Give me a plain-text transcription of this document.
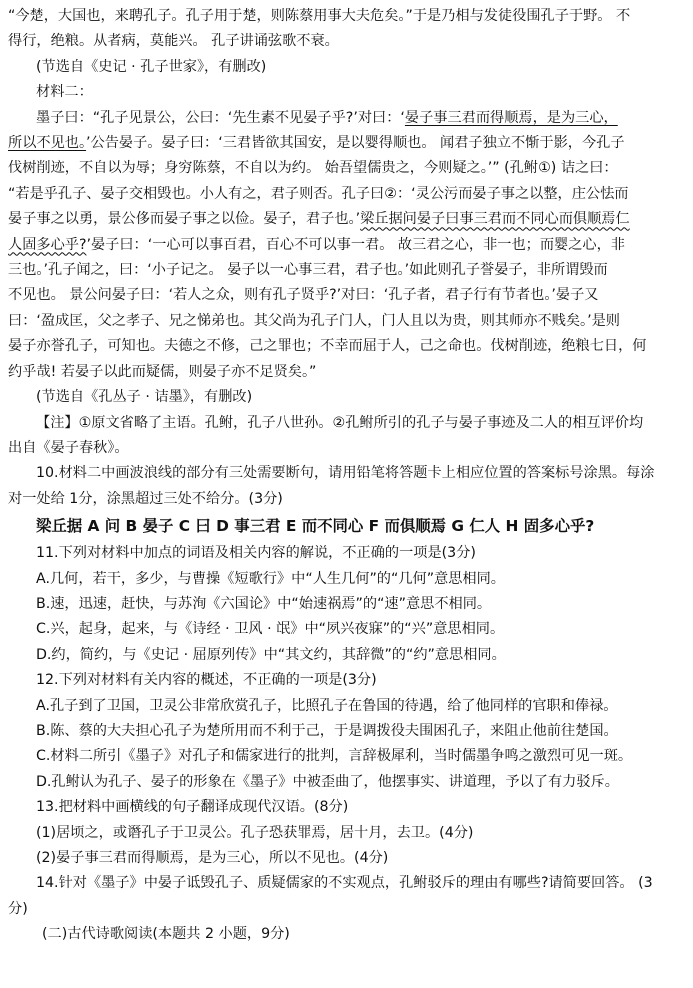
“今楚，大国也，来聘孔子。孔子用于楚，则陈蔡用事大夫危矣。”于是乃相与发徒役围孔子于野。 不
得行，绝粮。从者病，莫能兴。 孔子讲诵弦歌不衰。
(节选自《史记 · 孔子世家》，有删改)
材料二：
墨子曰：“孔子见景公，公曰：‘先生素不见晏子乎?’对曰：‘晏子事三君而得顺焉，是为三心，
所以不见也。’公告晏子。晏子曰：‘三君皆欲其国安，是以婴得顺也。 闻君子独立不惭于影，今孔子
伐树削迹，不自以为辱；身穷陈蔡，不自以为约。 始吾望儒贵之，今则疑之。’” (孔鲋①) 诘之曰：
“若是乎孔子、晏子交相毁也。小人有之，君子则否。孔子曰②：‘灵公污而晏子事之以整，庄公怯而
晏子事之以勇，景公侈而晏子事之以俭。晏子，君子也。’梁丘据问晏子曰事三君而不同心而俱顺焉仁
人固多心乎?’晏子曰：‘一心可以事百君，百心不可以事一君。 故三君之心，非一也；而婴之心，非
三也。’孔子闻之，曰：‘小子记之。 晏子以一心事三君，君子也。’如此则孔子誉晏子，非所谓毁而
不见也。 景公问晏子曰：‘若人之众，则有孔子贤乎?’对曰：‘孔子者，君子行有节者也。’晏子又
曰：‘盈成匡，父之孝子、兄之悌弟也。其父尚为孔子门人，门人且以为贵，则其师亦不贱矣。’是则
晏子亦誉孔子，可知也。夫德之不修，己之罪也；不幸而屈于人，己之命也。伐树削迹，绝粮七日，何
约乎哉! 若晏子以此而疑儒，则晏子亦不足贤矣。”
(节选自《孔丛子 · 诘墨》，有删改)
【注】①原文省略了主语。孔鲋，孔子八世孙。②孔鲋所引的孔子与晏子事迹及二人的相互评价均
出自《晏子春秋》。
10.材料二中画波浪线的部分有三处需要断句，请用铅笔将答题卡上相应位置的答案标号涂黑。每涂
对一处给 1分，涂黑超过三处不给分。(3分)
梁丘据 A 问 B 晏子 C 曰 D 事三君 E 而不同心 F 而俱顺焉 G 仁人 H 固多心乎?
11.下列对材料中加点的词语及相关内容的解说，不正确的一项是(3分)
A.几何，若干，多少，与曹操《短歌行》中“人生几何”的“几何”意思相同。
B.速，迅速，赶快，与苏洵《六国论》中“始速祸焉”的“速”意思不相同。
C.兴，起身，起来，与《诗经 · 卫风 · 氓》中“夙兴夜寐”的“兴”意思相同。
D.约，简约，与《史记 · 屈原列传》中“其文约，其辞微”的“约”意思相同。
12.下列对材料有关内容的概述，不正确的一项是(3分)
A.孔子到了卫国，卫灵公非常欣赏孔子，比照孔子在鲁国的待遇，给了他同样的官职和俸禄。
B.陈、蔡的大夫担心孔子为楚所用而不利于己，于是调拨役夫围困孔子，来阻止他前往楚国。
C.材料二所引《墨子》对孔子和儒家进行的批判，言辞极犀利，当时儒墨争鸣之激烈可见一斑。
D.孔鲋认为孔子、晏子的形象在《墨子》中被歪曲了，他摆事实、讲道理，予以了有力驳斥。
13.把材料中画横线的句子翻译成现代汉语。(8分)
(1)居顷之，或谮孔子于卫灵公。孔子恐获罪焉，居十月，去卫。(4分)
(2)晏子事三君而得顺焉，是为三心，所以不见也。(4分)
14.针对《墨子》中晏子诋毁孔子、质疑儒家的不实观点，孔鲋驳斥的理由有哪些?请简要回答。 (3
分)
(二)古代诗歌阅读(本题共 2 小题，9分)
